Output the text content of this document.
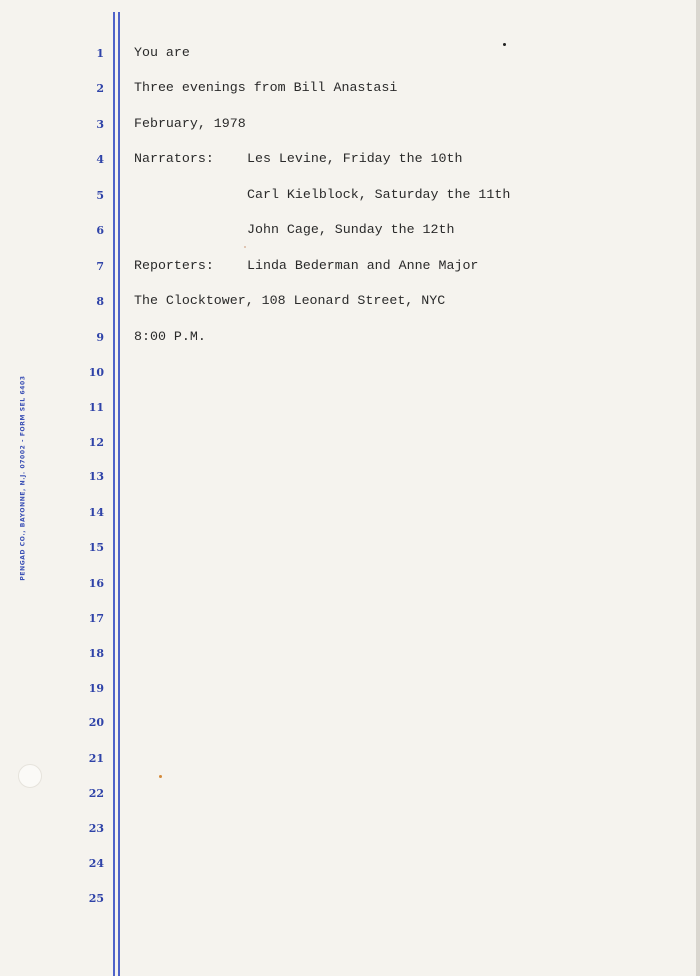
PENGAD CO., BAYONNE, N.J. 07002 - FORM SEL 6403
1
2
3
4
5
6
7
8
9
10
11
12
13
14
15
16
17
18
19
20
21
22
23
24
25
You are
Three evenings from Bill Anastasi
February, 1978
Narrators: Les Levine, Friday the 10th
Carl Kielblock, Saturday the 11th
John Cage, Sunday the 12th
Reporters: Linda Bederman and Anne Major
The Clocktower, 108 Leonard Street, NYC
8:00 P.M.
